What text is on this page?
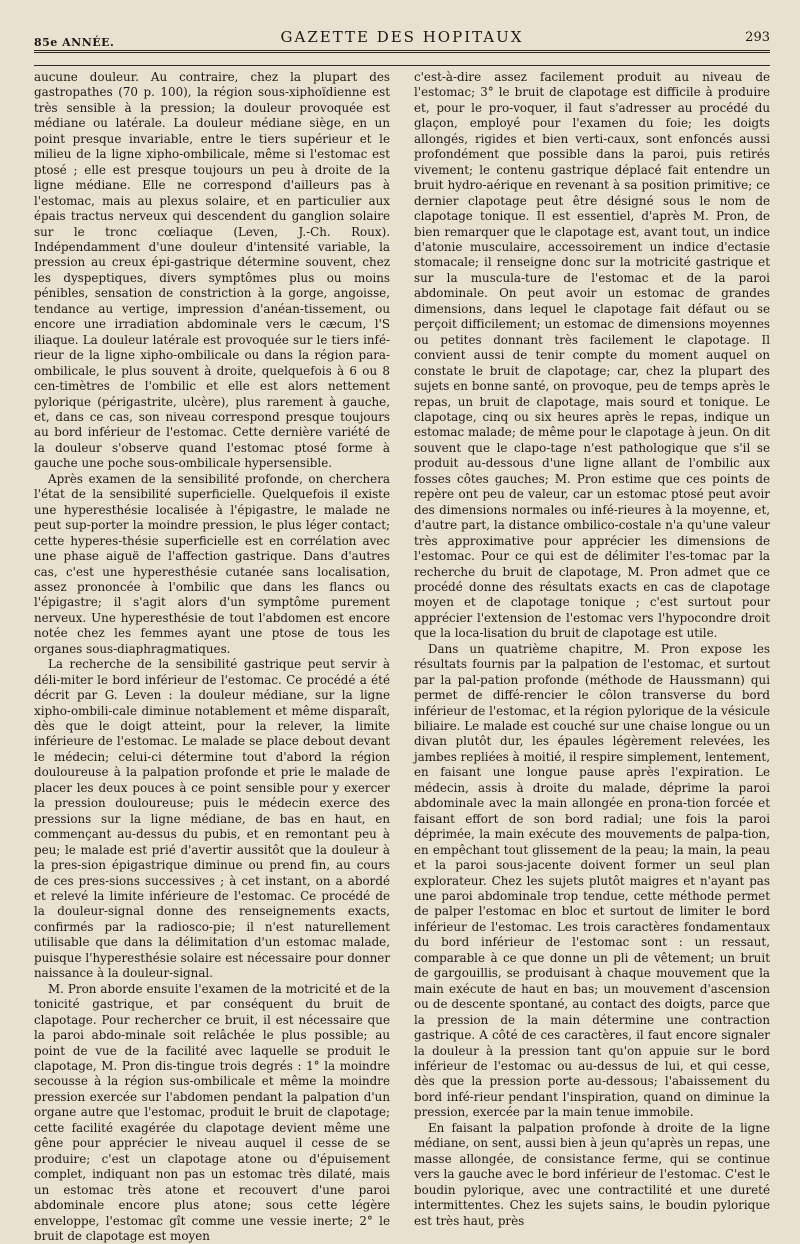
85e ANNÉE.	GAZETTE DES HOPITAUX	293

aucune douleur. Au contraire, chez la plupart des gastropathes (70 p. 100), la région sous-xiphoïdienne est très sensible à la pression; la douleur provoquée est médiane ou latérale. La douleur médiane siège, en un point presque invariable, entre le tiers supérieur et le milieu de la ligne xipho-ombilicale, même si l'estomac est ptosé ; elle est presque toujours un peu à droite de la ligne médiane. Elle ne correspond d'ailleurs pas à l'estomac, mais au plexus solaire, et en particulier aux épais tractus nerveux qui descendent du ganglion solaire sur le tronc cœliaque (Leven, J.-Ch. Roux). Indépendamment d'une douleur d'intensité variable, la pression au creux épi-gastrique détermine souvent, chez les dyspeptiques, divers symptômes plus ou moins pénibles, sensation de constriction à la gorge, angoisse, tendance au vertige, impression d'anéan-tissement, ou encore une irradiation abdominale vers le cæcum, l'S iliaque. La douleur latérale est provoquée sur le tiers infé-rieur de la ligne xipho-ombilicale ou dans la région para-ombilicale, le plus souvent à droite, quelquefois à 6 ou 8 cen-timètres de l'ombilic et elle est alors nettement pylorique (périgastrite, ulcère), plus rarement à gauche, et, dans ce cas, son niveau correspond presque toujours au bord inférieur de l'estomac. Cette dernière variété de la douleur s'observe quand l'estomac ptosé forme à gauche une poche sous-ombilicale hypersensible.

Après examen de la sensibilité profonde, on cherchera l'état de la sensibilité superficielle. Quelquefois il existe une hyperesthésie localisée à l'épigastre, le malade ne peut sup-porter la moindre pression, le plus léger contact; cette hyperes-thésie superficielle est en corrélation avec une phase aiguë de l'affection gastrique. Dans d'autres cas, c'est une hyperesthésie cutanée sans localisation, assez prononcée à l'ombilic que dans les flancs ou l'épigastre; il s'agit alors d'un symptôme purement nerveux. Une hyperesthésie de tout l'abdomen est encore notée chez les femmes ayant une ptose de tous les organes sous-diaphragmatiques.

La recherche de la sensibilité gastrique peut servir à déli-miter le bord inférieur de l'estomac. Ce procédé a été décrit par G. Leven : la douleur médiane, sur la ligne xipho-ombili-cale diminue notablement et même disparaît, dès que le doigt atteint, pour la relever, la limite inférieure de l'estomac. Le malade se place debout devant le médecin; celui-ci détermine tout d'abord la région douloureuse à la palpation profonde et prie le malade de placer les deux pouces à ce point sensible pour y exercer la pression douloureuse; puis le médecin exerce des pressions sur la ligne médiane, de bas en haut, en commençant au-dessus du pubis, et en remontant peu à peu; le malade est prié d'avertir aussitôt que la douleur à la pres-sion épigastrique diminue ou prend fin, au cours de ces pres-sions successives ; à cet instant, on a abordé et relevé la limite inférieure de l'estomac. Ce procédé de la douleur-signal donne des renseignements exacts, confirmés par la radiosco-pie; il n'est naturellement utilisable que dans la délimitation d'un estomac malade, puisque l'hyperesthésie solaire est nécessaire pour donner naissance à la douleur-signal.

M. Pron aborde ensuite l'examen de la motricité et de la tonicité gastrique, et par conséquent du bruit de clapotage. Pour rechercher ce bruit, il est nécessaire que la paroi abdo-minale soit relâchée le plus possible; au point de vue de la facilité avec laquelle se produit le clapotage, M. Pron dis-tingue trois degrés : 1° la moindre secousse à la région sus-ombilicale et même la moindre pression exercée sur l'abdomen pendant la palpation d'un organe autre que l'estomac, produit le bruit de clapotage; cette facilité exagérée du clapotage devient même une gêne pour apprécier le niveau auquel il cesse de se produire; c'est un clapotage atone ou d'épuisement complet, indiquant non pas un estomac très dilaté, mais un estomac très atone et recouvert d'une paroi abdominale encore plus atone; sous cette légère enveloppe, l'estomac gît comme une vessie inerte; 2° le bruit de clapotage est moyen

c'est-à-dire assez facilement produit au niveau de l'estomac; 3° le bruit de clapotage est difficile à produire et, pour le pro-voquer, il faut s'adresser au procédé du glaçon, employé pour l'examen du foie; les doigts allongés, rigides et bien verti-caux, sont enfoncés aussi profondément que possible dans la paroi, puis retirés vivement; le contenu gastrique déplacé fait entendre un bruit hydro-aérique en revenant à sa position primitive; ce dernier clapotage peut être désigné sous le nom de clapotage tonique. Il est essentiel, d'après M. Pron, de bien remarquer que le clapotage est, avant tout, un indice d'atonie musculaire, accessoirement un indice d'ectasie stomacale; il renseigne donc sur la motricité gastrique et sur la muscula-ture de l'estomac et de la paroi abdominale. On peut avoir un estomac de grandes dimensions, dans lequel le clapotage fait défaut ou se perçoit difficilement; un estomac de dimensions moyennes ou petites donnant très facilement le clapotage. Il convient aussi de tenir compte du moment auquel on constate le bruit de clapotage; car, chez la plupart des sujets en bonne santé, on provoque, peu de temps après le repas, un bruit de clapotage, mais sourd et tonique. Le clapotage, cinq ou six heures après le repas, indique un estomac malade; de même pour le clapotage à jeun. On dit souvent que le clapo-tage n'est pathologique que s'il se produit au-dessous d'une ligne allant de l'ombilic aux fosses côtes gauches; M. Pron estime que ces points de repère ont peu de valeur, car un estomac ptosé peut avoir des dimensions normales ou infé-rieures à la moyenne, et, d'autre part, la distance ombilico-costale n'a qu'une valeur très approximative pour apprécier les dimensions de l'estomac. Pour ce qui est de délimiter l'es-tomac par la recherche du bruit de clapotage, M. Pron admet que ce procédé donne des résultats exacts en cas de clapotage moyen et de clapotage tonique ; c'est surtout pour apprécier l'extension de l'estomac vers l'hypocondre droit que la loca-lisation du bruit de clapotage est utile.

Dans un quatrième chapitre, M. Pron expose les résultats fournis par la palpation de l'estomac, et surtout par la pal-pation profonde (méthode de Haussmann) qui permet de diffé-rencier le côlon transverse du bord inférieur de l'estomac, et la région pylorique de la vésicule biliaire. Le malade est couché sur une chaise longue ou un divan plutôt dur, les épaules légèrement relevées, les jambes repliées à moitié, il respire simplement, lentement, en faisant une longue pause après l'expiration. Le médecin, assis à droite du malade, déprime la paroi abdominale avec la main allongée en prona-tion forcée et faisant effort de son bord radial; une fois la paroi déprimée, la main exécute des mouvements de palpa-tion, en empêchant tout glissement de la peau; la main, la peau et la paroi sous-jacente doivent former un seul plan explorateur. Chez les sujets plutôt maigres et n'ayant pas une paroi abdominale trop tendue, cette méthode permet de palper l'estomac en bloc et surtout de limiter le bord inférieur de l'estomac. Les trois caractères fondamentaux du bord inférieur de l'estomac sont : un ressaut, comparable à ce que donne un pli de vêtement; un bruit de gargouillis, se produisant à chaque mouvement que la main exécute de haut en bas; un mouvement d'ascension ou de descente spontané, au contact des doigts, parce que la pression de la main détermine une contraction gastrique. A côté de ces caractères, il faut encore signaler la douleur à la pression tant qu'on appuie sur le bord inférieur de l'estomac ou au-dessus de lui, et qui cesse, dès que la pression porte au-dessous; l'abaissement du bord infé-rieur pendant l'inspiration, quand on diminue la pression, exercée par la main tenue immobile.

En faisant la palpation profonde à droite de la ligne médiane, on sent, aussi bien à jeun qu'après un repas, une masse allongée, de consistance ferme, qui se continue vers la gauche avec le bord inférieur de l'estomac. C'est le boudin pylorique, avec une contractilité et une dureté intermittentes. Chez les sujets sains, le boudin pylorique est très haut, près
